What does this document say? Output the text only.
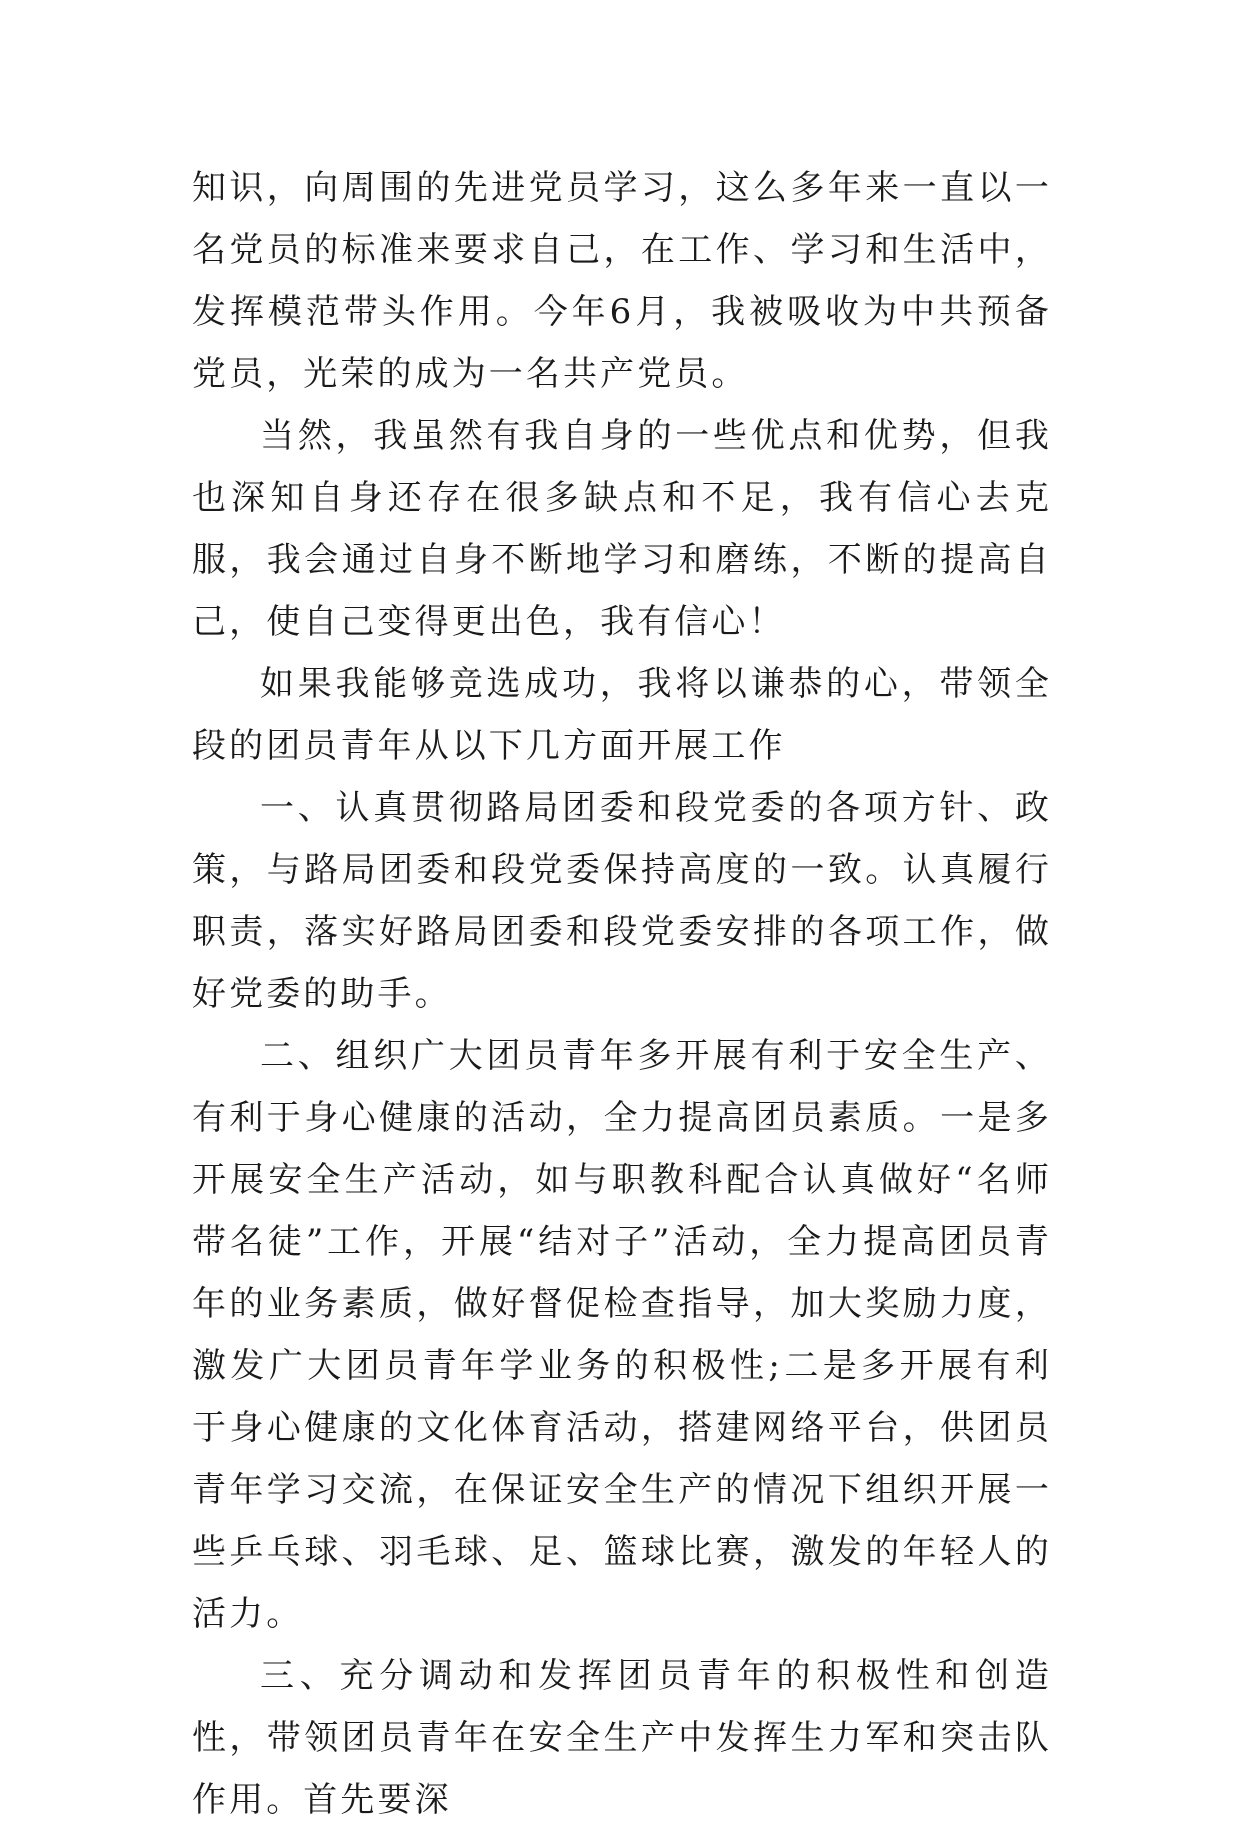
知识，向周围的先进党员学习，这么多年来一直以一名党员的标准来要求自己，在工作、学习和生活中，发挥模范带头作用。今年6月，我被吸收为中共预备党员，光荣的成为一名共产党员。

当然，我虽然有我自身的一些优点和优势，但我也深知自身还存在很多缺点和不足，我有信心去克服，我会通过自身不断地学习和磨练，不断的提高自己，使自己变得更出色，我有信心！

如果我能够竞选成功，我将以谦恭的心，带领全段的团员青年从以下几方面开展工作

一、认真贯彻路局团委和段党委的各项方针、政策，与路局团委和段党委保持高度的一致。认真履行职责，落实好路局团委和段党委安排的各项工作，做好党委的助手。

二、组织广大团员青年多开展有利于安全生产、有利于身心健康的活动，全力提高团员素质。一是多开展安全生产活动，如与职教科配合认真做好“名师带名徒”工作，开展“结对子”活动，全力提高团员青年的业务素质，做好督促检查指导，加大奖励力度，激发广大团员青年学业务的积极性;二是多开展有利于身心健康的文化体育活动，搭建网络平台，供团员青年学习交流，在保证安全生产的情况下组织开展一些乒乓球、羽毛球、足、篮球比赛，激发的年轻人的活力。

三、充分调动和发挥团员青年的积极性和创造性，带领团员青年在安全生产中发挥生力军和突击队作用。首先要深
